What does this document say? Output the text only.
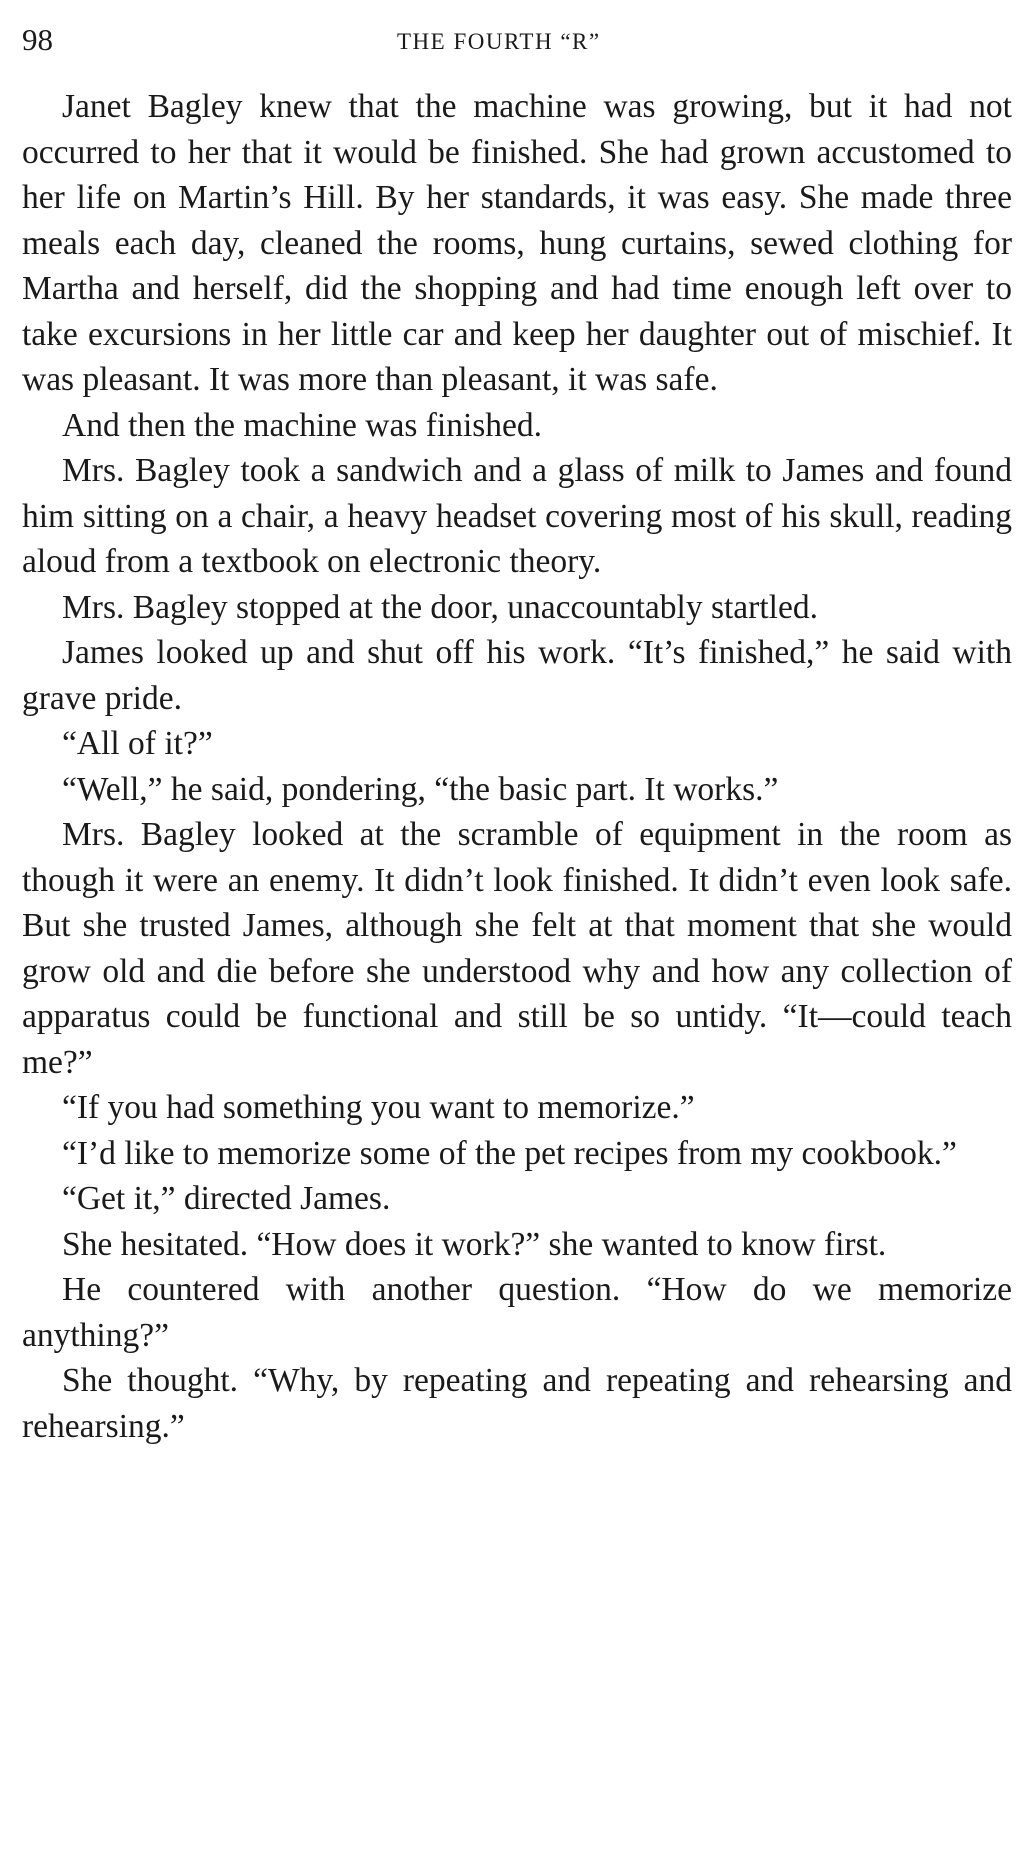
98	THE FOURTH “R”

Janet Bagley knew that the machine was growing, but it had not occurred to her that it would be finished. She had grown accustomed to her life on Martin’s Hill. By her standards, it was easy. She made three meals each day, cleaned the rooms, hung curtains, sewed clothing for Martha and herself, did the shopping and had time enough left over to take excursions in her little car and keep her daughter out of mischief. It was pleasant. It was more than pleasant, it was safe.

And then the machine was finished.

Mrs. Bagley took a sandwich and a glass of milk to James and found him sitting on a chair, a heavy headset covering most of his skull, reading aloud from a textbook on electronic theory.

Mrs. Bagley stopped at the door, unaccountably startled.

James looked up and shut off his work. “It’s finished,” he said with grave pride.

“All of it?”

“Well,” he said, pondering, “the basic part. It works.”

Mrs. Bagley looked at the scramble of equipment in the room as though it were an enemy. It didn’t look finished. It didn’t even look safe. But she trusted James, although she felt at that moment that she would grow old and die before she understood why and how any collection of apparatus could be functional and still be so untidy. “It—could teach me?”

“If you had something you want to memorize.”

“I’d like to memorize some of the pet recipes from my cookbook.”

“Get it,” directed James.

She hesitated. “How does it work?” she wanted to know first.

He countered with another question. “How do we memorize anything?”

She thought. “Why, by repeating and repeating and rehearsing and rehearsing.”
